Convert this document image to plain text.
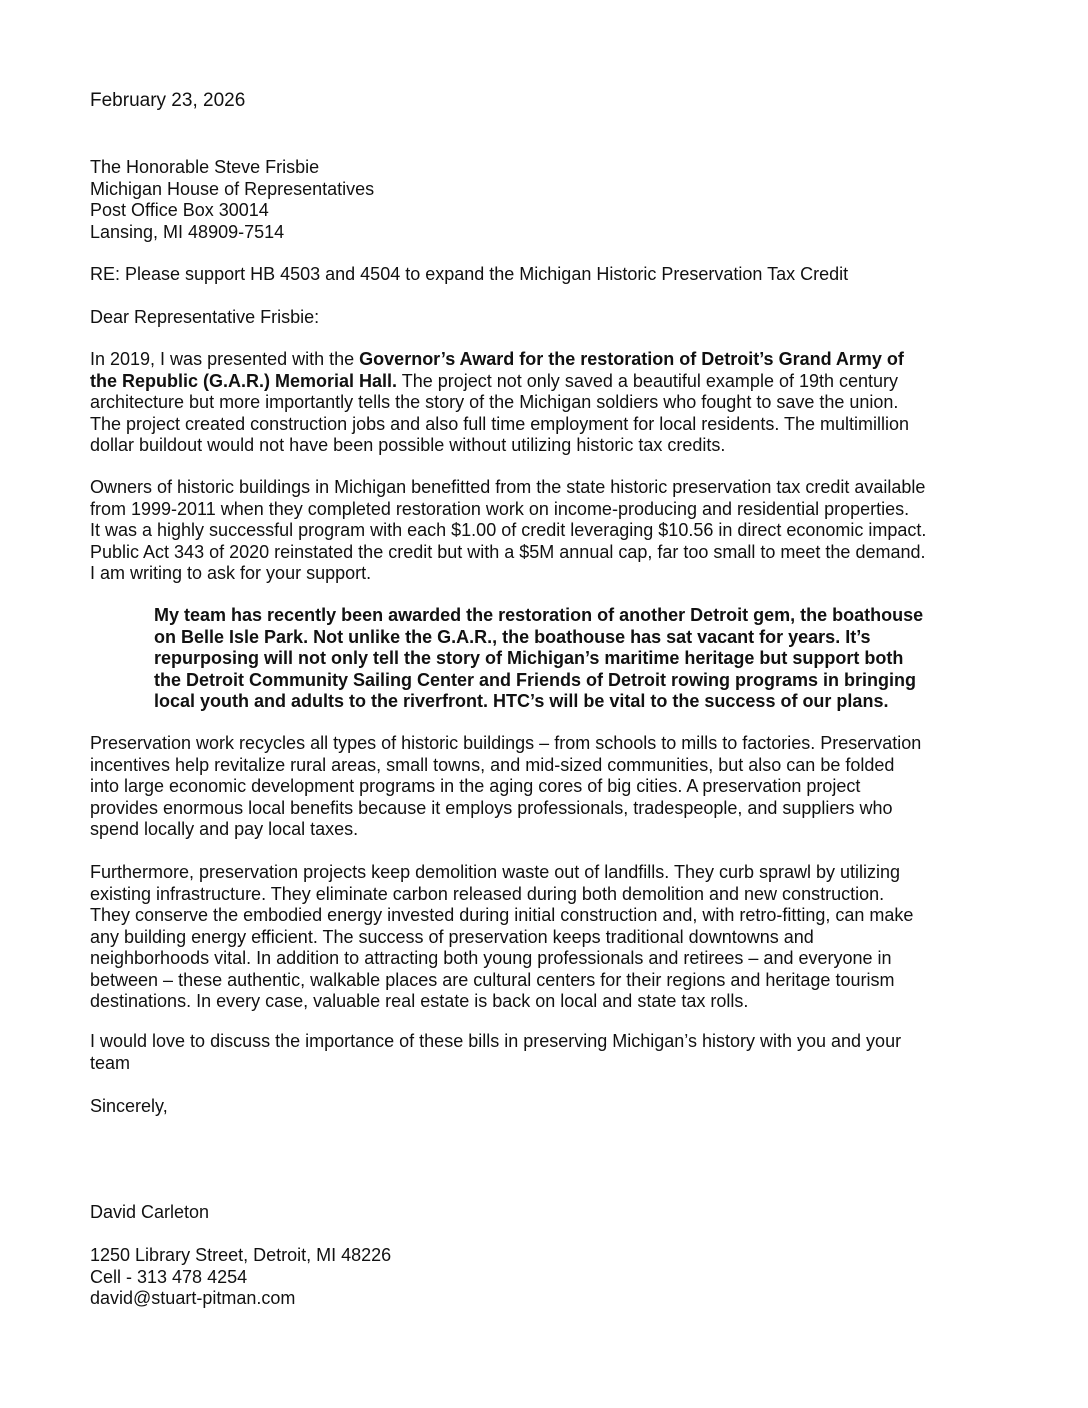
February 23, 2026
The Honorable Steve Frisbie
Michigan House of Representatives
Post Office Box 30014
Lansing, MI 48909-7514
RE: Please support HB 4503 and 4504 to expand the Michigan Historic Preservation Tax Credit
Dear Representative Frisbie:
In 2019, I was presented with the Governor’s Award for the restoration of Detroit’s Grand Army of
the Republic (G.A.R.) Memorial Hall. The project not only saved a beautiful example of 19th century
architecture but more importantly tells the story of the Michigan soldiers who fought to save the union.
The project created construction jobs and also full time employment for local residents. The multimillion
dollar buildout would not have been possible without utilizing historic tax credits.
Owners of historic buildings in Michigan benefitted from the state historic preservation tax credit available
from 1999-2011 when they completed restoration work on income-producing and residential properties.
It was a highly successful program with each $1.00 of credit leveraging $10.56 in direct economic impact.
Public Act 343 of 2020 reinstated the credit but with a $5M annual cap, far too small to meet the demand.
I am writing to ask for your support.
My team has recently been awarded the restoration of another Detroit gem, the boathouse
on Belle Isle Park. Not unlike the G.A.R., the boathouse has sat vacant for years. It’s
repurposing will not only tell the story of Michigan’s maritime heritage but support both
the Detroit Community Sailing Center and Friends of Detroit rowing programs in bringing
local youth and adults to the riverfront. HTC’s will be vital to the success of our plans.
Preservation work recycles all types of historic buildings – from schools to mills to factories. Preservation
incentives help revitalize rural areas, small towns, and mid-sized communities, but also can be folded
into large economic development programs in the aging cores of big cities. A preservation project
provides enormous local benefits because it employs professionals, tradespeople, and suppliers who
spend locally and pay local taxes.
Furthermore, preservation projects keep demolition waste out of landfills. They curb sprawl by utilizing
existing infrastructure. They eliminate carbon released during both demolition and new construction.
They conserve the embodied energy invested during initial construction and, with retro-fitting, can make
any building energy efficient. The success of preservation keeps traditional downtowns and
neighborhoods vital. In addition to attracting both young professionals and retirees – and everyone in
between – these authentic, walkable places are cultural centers for their regions and heritage tourism
destinations. In every case, valuable real estate is back on local and state tax rolls.
I would love to discuss the importance of these bills in preserving Michigan’s history with you and your
team
Sincerely,
David Carleton
1250 Library Street, Detroit, MI 48226
Cell - 313 478 4254
david@stuart-pitman.com
